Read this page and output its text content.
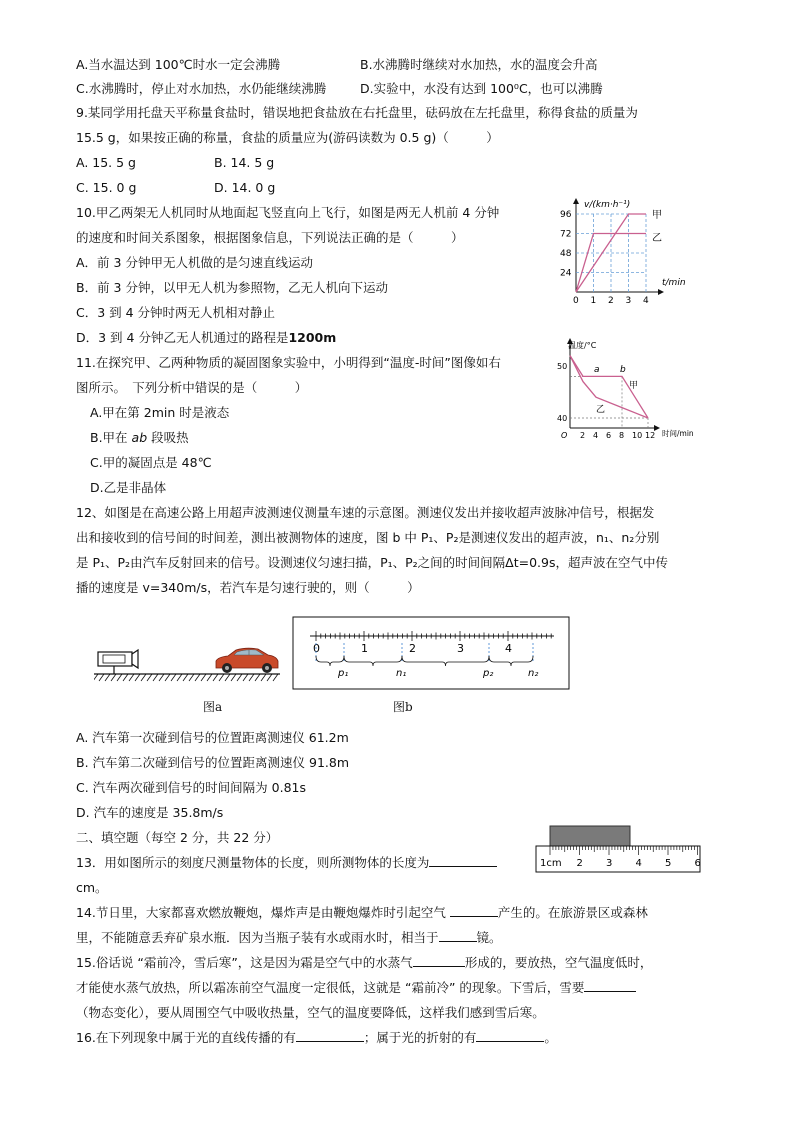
A.当水温达到 100℃时水一定会沸腾	B.水沸腾时继续对水加热，水的温度会升高
C.水沸腾时，停止对水加热，水仍能继续沸腾	D.实验中，水没有达到 100⁰C，也可以沸腾
9.某同学用托盘天平称量食盐时，错误地把食盐放在右托盘里，砝码放在左托盘里，称得食盐的质量为
15.5 g，如果按正确的称量，食盐的质量应为(游码读数为 0.5 g)（　　　）
A. 15. 5 g	B. 14. 5 g
C. 15. 0 g	D. 14. 0 g
10.甲乙两架无人机同时从地面起飞竖直向上飞行，如图是两无人机前 4 分钟
的速度和时间关系图象，根据图象信息，下列说法正确的是（　　　）
A．前 3 分钟甲无人机做的是匀速直线运动
B．前 3 分钟，以甲无人机为参照物，乙无人机向下运动
C．3 到 4 分钟时两无人机相对静止
D．3 到 4 分钟乙无人机通过的路程是1200m
11.在探究甲、乙两种物质的凝固图象实验中，小明得到“温度-时间”图像如右
图所示。　下列分析中错误的是（　　　）
A.甲在第 2min 时是液态
B.甲在 ab 段吸热
C.甲的凝固点是 48℃
D.乙是非晶体
12、如图是在高速公路上用超声波测速仪测量车速的示意图。测速仪发出并接收超声波脉冲信号，根据发
出和接收到的信号间的时间差，测出被测物体的速度，图 b 中 P₁、P₂是测速仪发出的超声波，n₁、n₂分别
是 P₁、P₂由汽车反射回来的信号。设测速仪匀速扫描，P₁、P₂之间的时间间隔Δt=0.9s，超声波在空气中传
播的速度是 v=340m/s，若汽车是匀速行驶的，则（　　　）
A. 汽车第一次碰到信号的位置距离测速仪 61.2m
B. 汽车第二次碰到信号的位置距离测速仪 91.8m
C. 汽车两次碰到信号的时间间隔为 0.81s
D. 汽车的速度是 35.8m/s
二、填空题（每空 2 分，共 22 分）
13．用如图所示的刻度尺测量物体的长度，则所测物体的长度为
cm。
14.节日里，大家都喜欢燃放鞭炮，爆炸声是由鞭炮爆炸时引起空气	产生的。在旅游景区或森林
里，不能随意丢弃矿泉水瓶．因为当瓶子装有水或雨水时，相当于	镜。
15.俗话说 “霜前冷，雪后寒”，这是因为霜是空气中的水蒸气	形成的，要放热，空气温度低时，
才能使水蒸气放热，所以霜冻前空气温度一定很低，这就是 “霜前冷” 的现象。下雪后，雪要
（物态变化），要从周围空气中吸收热量，空气的温度要降低，这样我们感到雪后寒。
16.在下列现象中属于光的直线传播的有	；属于光的折射的有	。
96
72
48
24
0 1 2 3 4
v/(km·h⁻¹)
t/min
甲
乙
50
40
O 2 4 6 8 10 12
温度/°C
时间/min
a b
甲
乙
图a
0	1	2	3	4
p₁	n₁	p₂	n₂
图b
1cm 2 3 4 5 6
